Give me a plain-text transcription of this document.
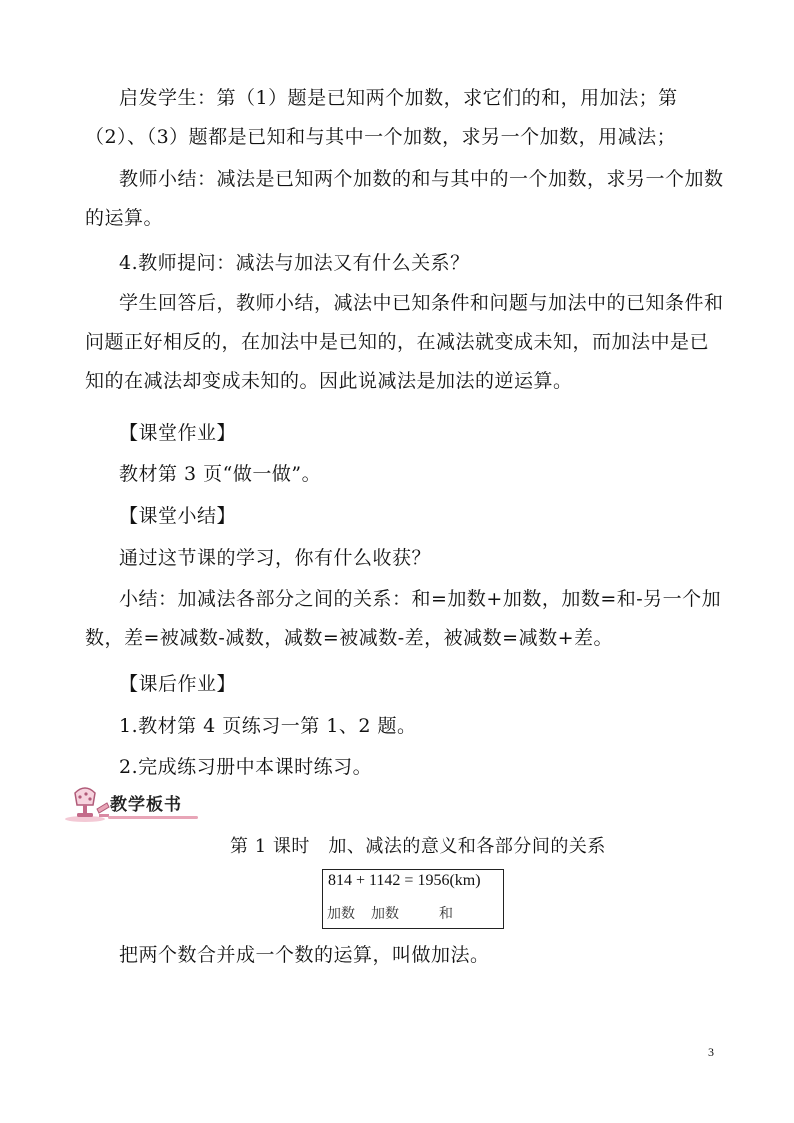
启发学生：第（1）题是已知两个加数，求它们的和，用加法；第（2）、（3）题都是已知和与其中一个加数，求另一个加数，用减法；

教师小结：减法是已知两个加数的和与其中的一个加数，求另一个加数的运算。

4.教师提问：减法与加法又有什么关系？

学生回答后，教师小结，减法中已知条件和问题与加法中的已知条件和问题正好相反的，在加法中是已知的，在减法就变成未知，而加法中是已知的在减法却变成未知的。因此说减法是加法的逆运算。

【课堂作业】

教材第 3 页“做一做”。

【课堂小结】

通过这节课的学习，你有什么收获？

小结：加减法各部分之间的关系：和=加数+加数，加数=和-另一个加数，差=被减数-减数，减数=被减数-差，被减数=减数+差。

【课后作业】

1.教材第 4 页练习一第 1、2 题。

2.完成练习册中本课时练习。

教学板书
第 1 课时　加、减法的意义和各部分间的关系
814 + 1142 = 1956(km)
加数 加数	和

把两个数合并成一个数的运算，叫做加法。

3
